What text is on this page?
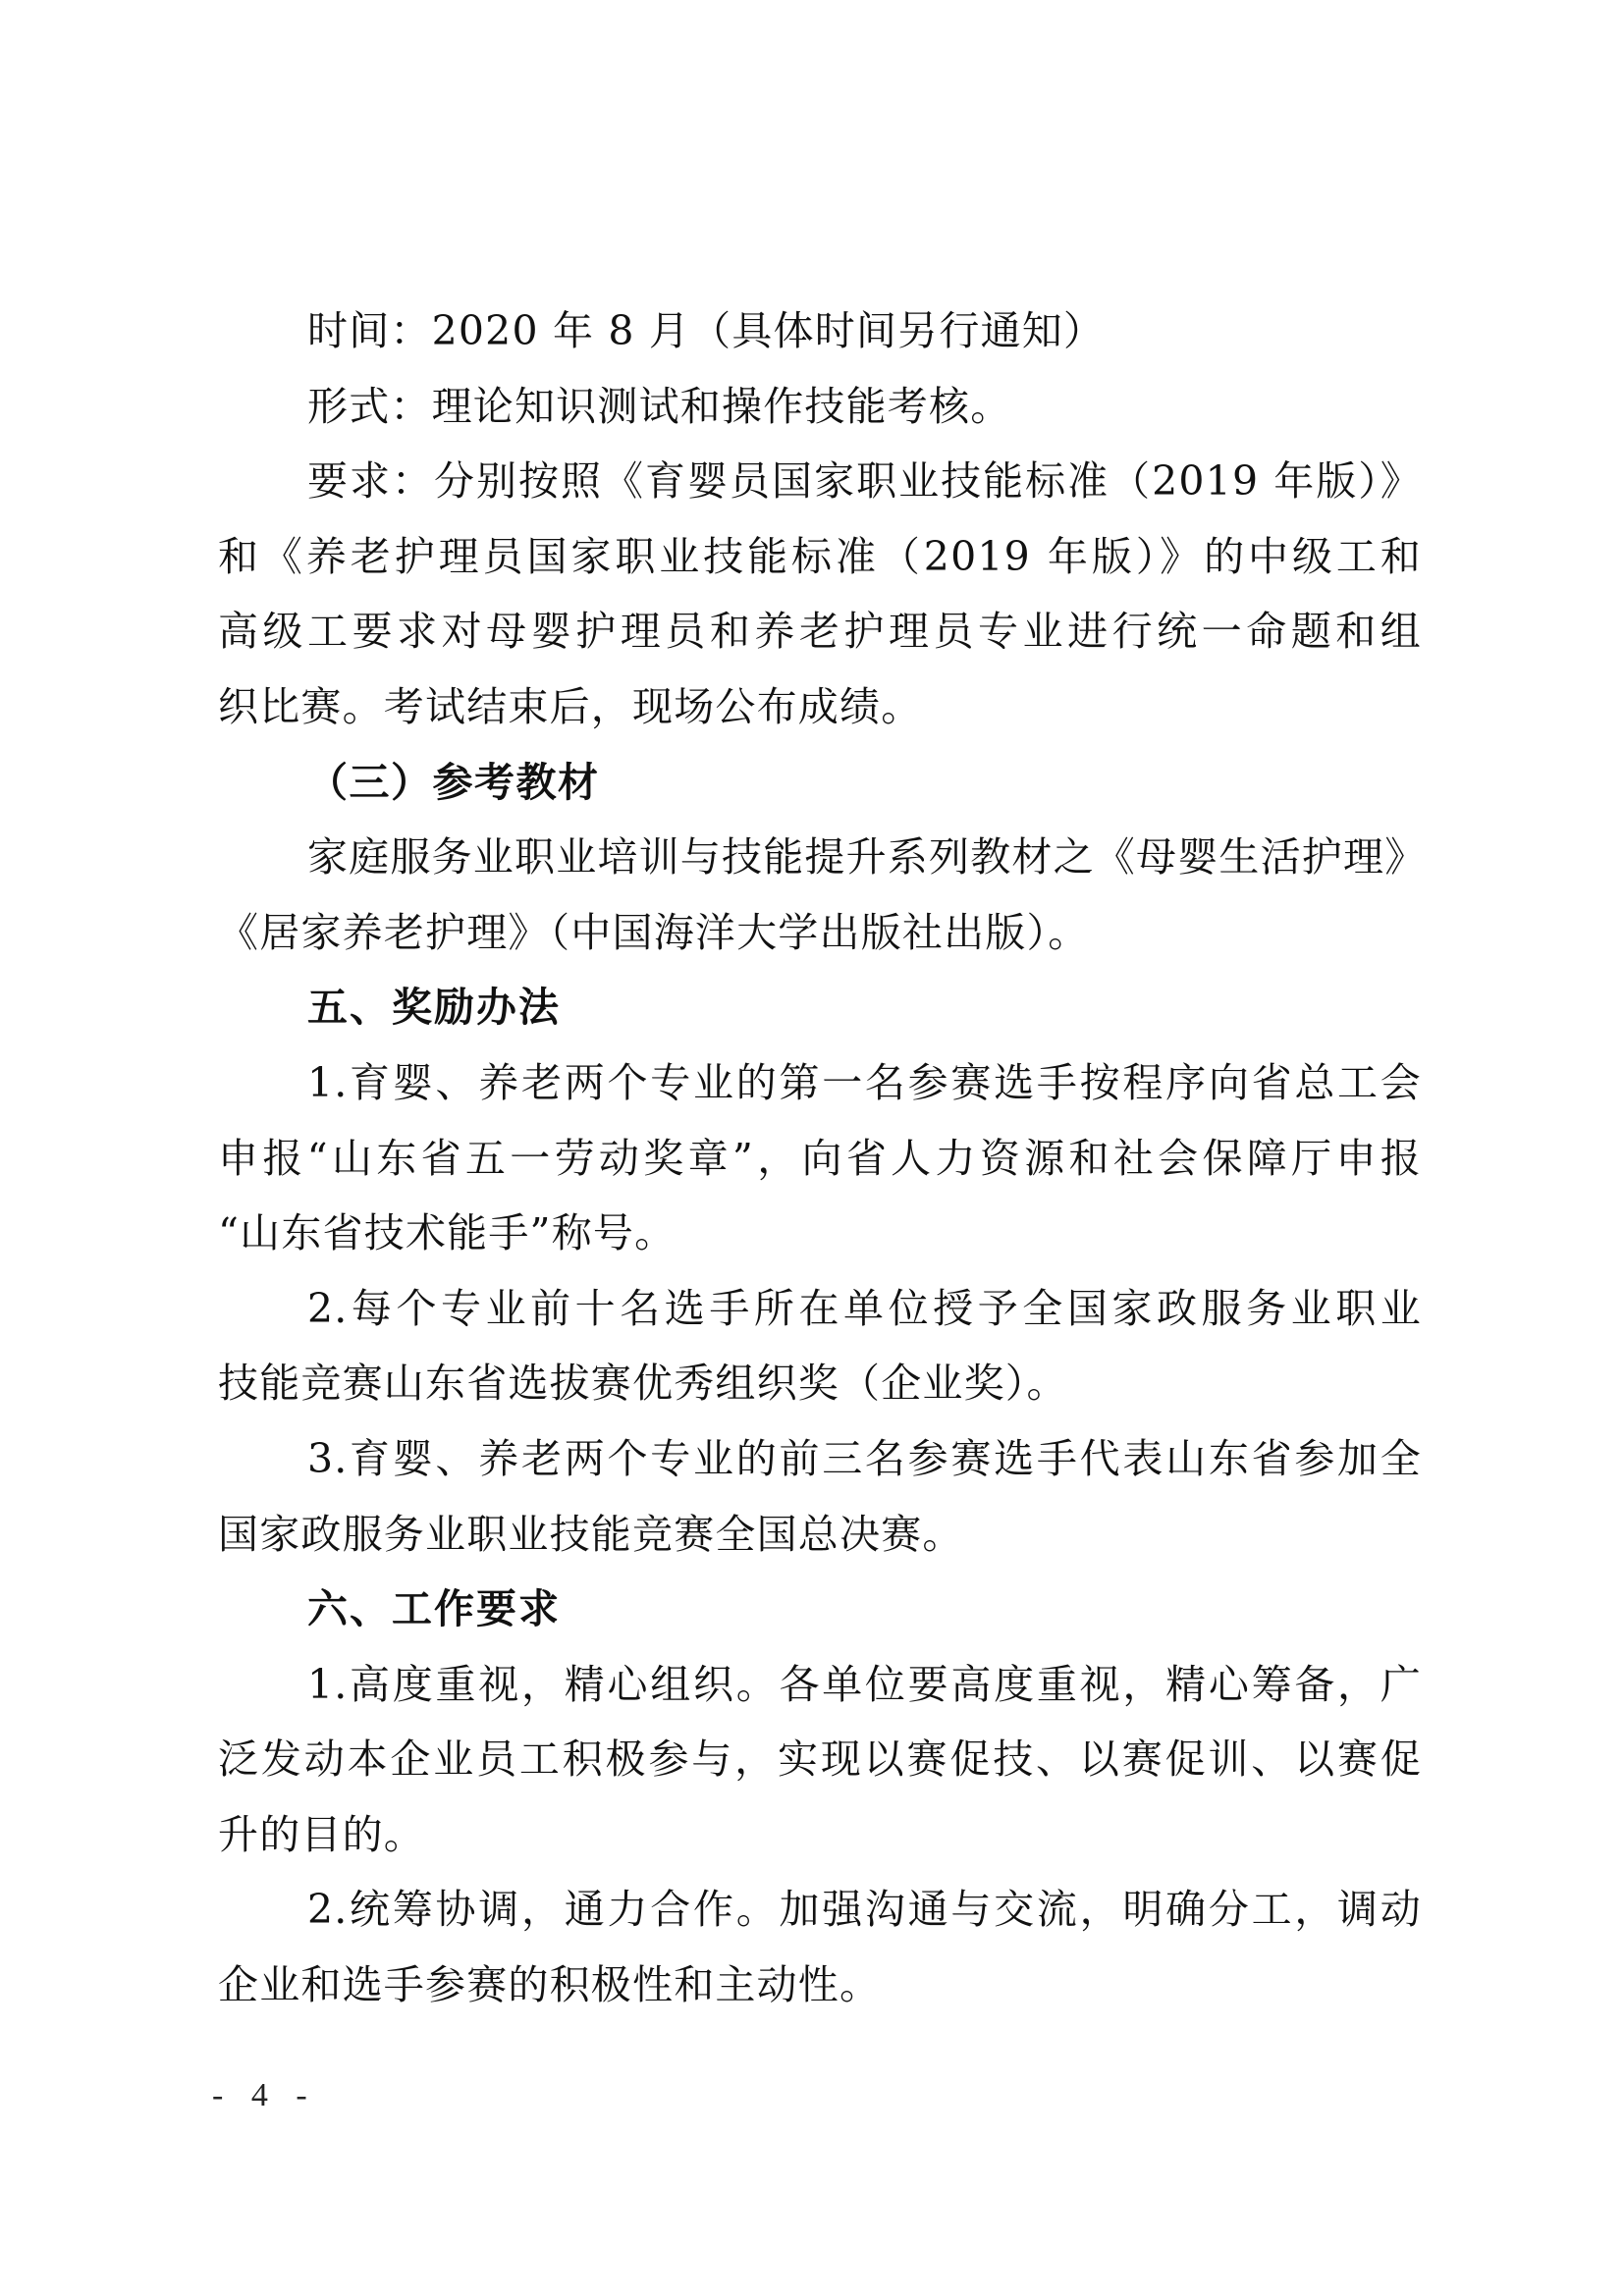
时间：2020 年 8 月（具体时间另行通知）
形式：理论知识测试和操作技能考核。
要求：分别按照《育婴员国家职业技能标准（2019 年版）》
和《养老护理员国家职业技能标准（2019 年版）》的中级工和
高级工要求对母婴护理员和养老护理员专业进行统一命题和组
织比赛。考试结束后，现场公布成绩。
（三）参考教材
家庭服务业职业培训与技能提升系列教材之《母婴生活护理》
《居家养老护理》（中国海洋大学出版社出版）。
五、奖励办法
1.育婴、养老两个专业的第一名参赛选手按程序向省总工会
申报“山东省五一劳动奖章”，向省人力资源和社会保障厅申报
“山东省技术能手”称号。
2.每个专业前十名选手所在单位授予全国家政服务业职业
技能竞赛山东省选拔赛优秀组织奖（企业奖）。
3.育婴、养老两个专业的前三名参赛选手代表山东省参加全
国家政服务业职业技能竞赛全国总决赛。
六、工作要求
1.高度重视，精心组织。各单位要高度重视，精心筹备，广
泛发动本企业员工积极参与，实现以赛促技、以赛促训、以赛促
升的目的。
2.统筹协调，通力合作。加强沟通与交流，明确分工，调动
企业和选手参赛的积极性和主动性。
- 4 -
